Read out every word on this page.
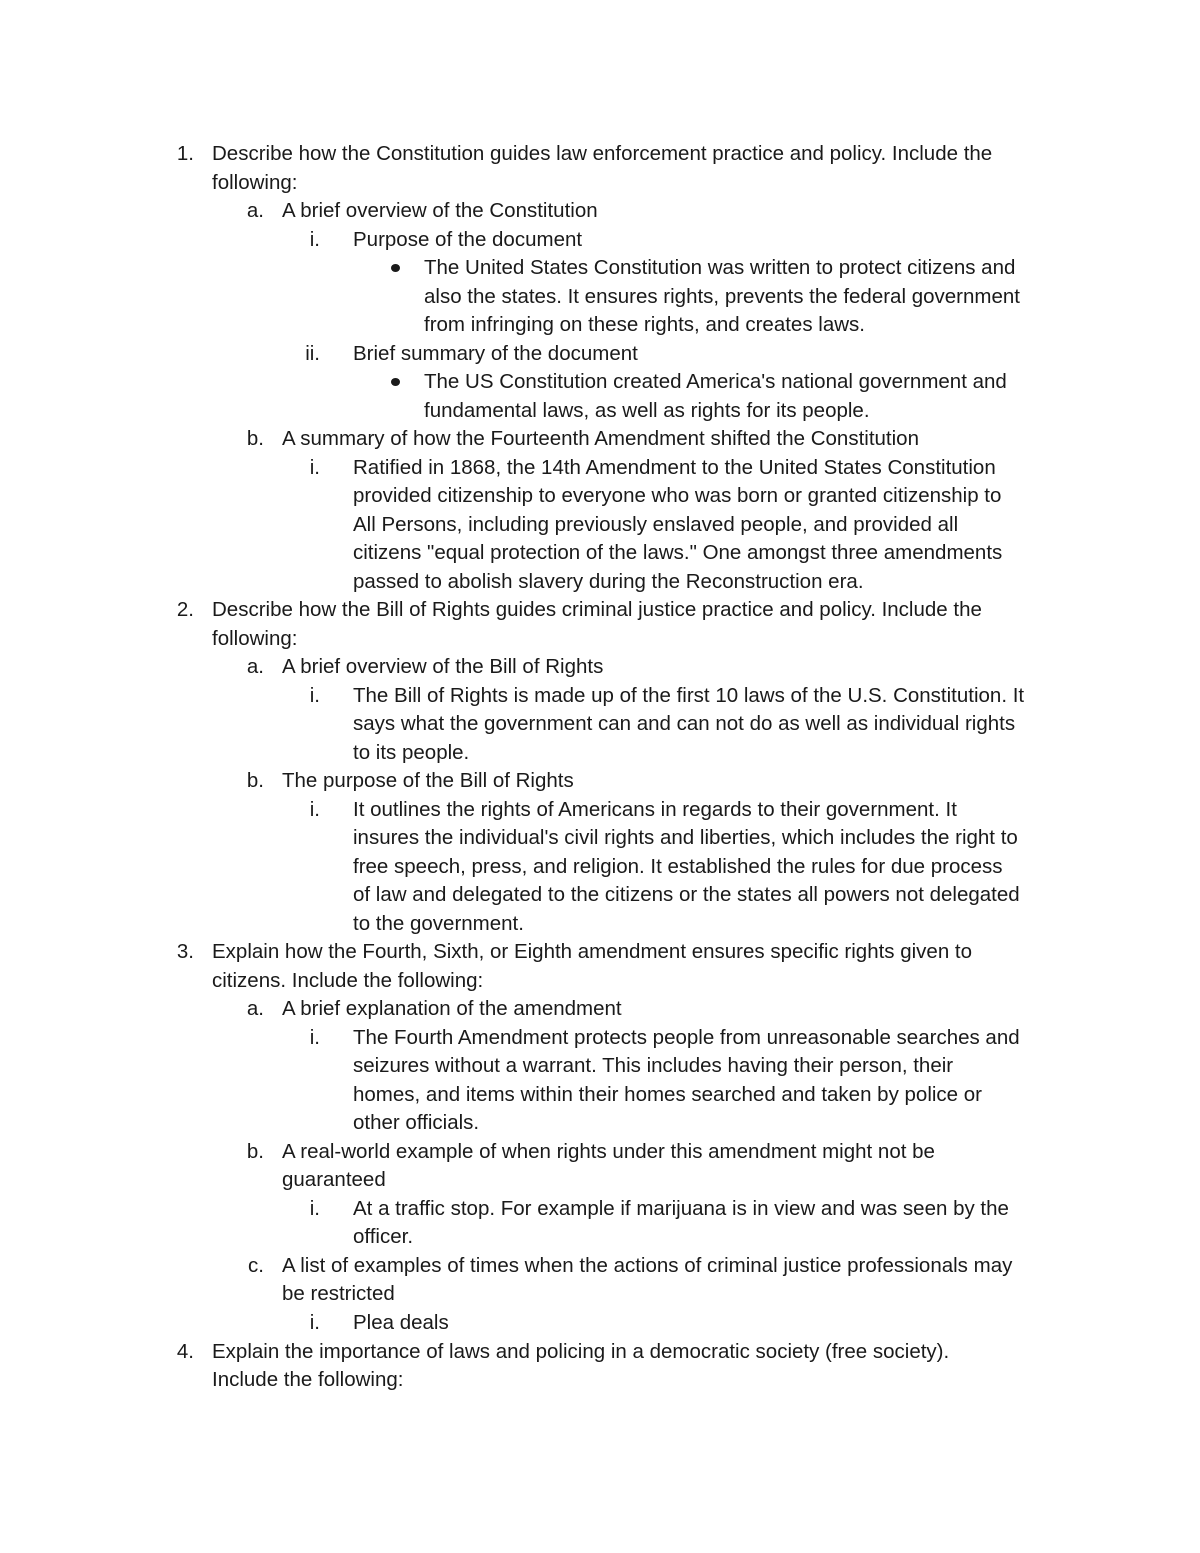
1. Describe how the Constitution guides law enforcement practice and policy. Include the
following:
a. A brief overview of the Constitution
i. Purpose of the document
The United States Constitution was written to protect citizens and
also the states. It ensures rights, prevents the federal government
from infringing on these rights, and creates laws.
ii. Brief summary of the document
The US Constitution created America's national government and
fundamental laws, as well as rights for its people.
b. A summary of how the Fourteenth Amendment shifted the Constitution
i. Ratified in 1868, the 14th Amendment to the United States Constitution
provided citizenship to everyone who was born or granted citizenship to
All Persons, including previously enslaved people, and provided all
citizens "equal protection of the laws." One amongst three amendments
passed to abolish slavery during the Reconstruction era.
2. Describe how the Bill of Rights guides criminal justice practice and policy. Include the
following:
a. A brief overview of the Bill of Rights
i. The Bill of Rights is made up of the first 10 laws of the U.S. Constitution. It
says what the government can and can not do as well as individual rights
to its people.
b. The purpose of the Bill of Rights
i. It outlines the rights of Americans in regards to their government. It
insures the individual's civil rights and liberties, which includes the right to
free speech, press, and religion. It established the rules for due process
of law and delegated to the citizens or the states all powers not delegated
to the government.
3. Explain how the Fourth, Sixth, or Eighth amendment ensures specific rights given to
citizens. Include the following:
a. A brief explanation of the amendment
i. The Fourth Amendment protects people from unreasonable searches and
seizures without a warrant. This includes having their person, their
homes, and items within their homes searched and taken by police or
other officials.
b. A real-world example of when rights under this amendment might not be
guaranteed
i. At a traffic stop. For example if marijuana is in view and was seen by the
officer.
c. A list of examples of times when the actions of criminal justice professionals may
be restricted
i. Plea deals
4. Explain the importance of laws and policing in a democratic society (free society).
Include the following:
